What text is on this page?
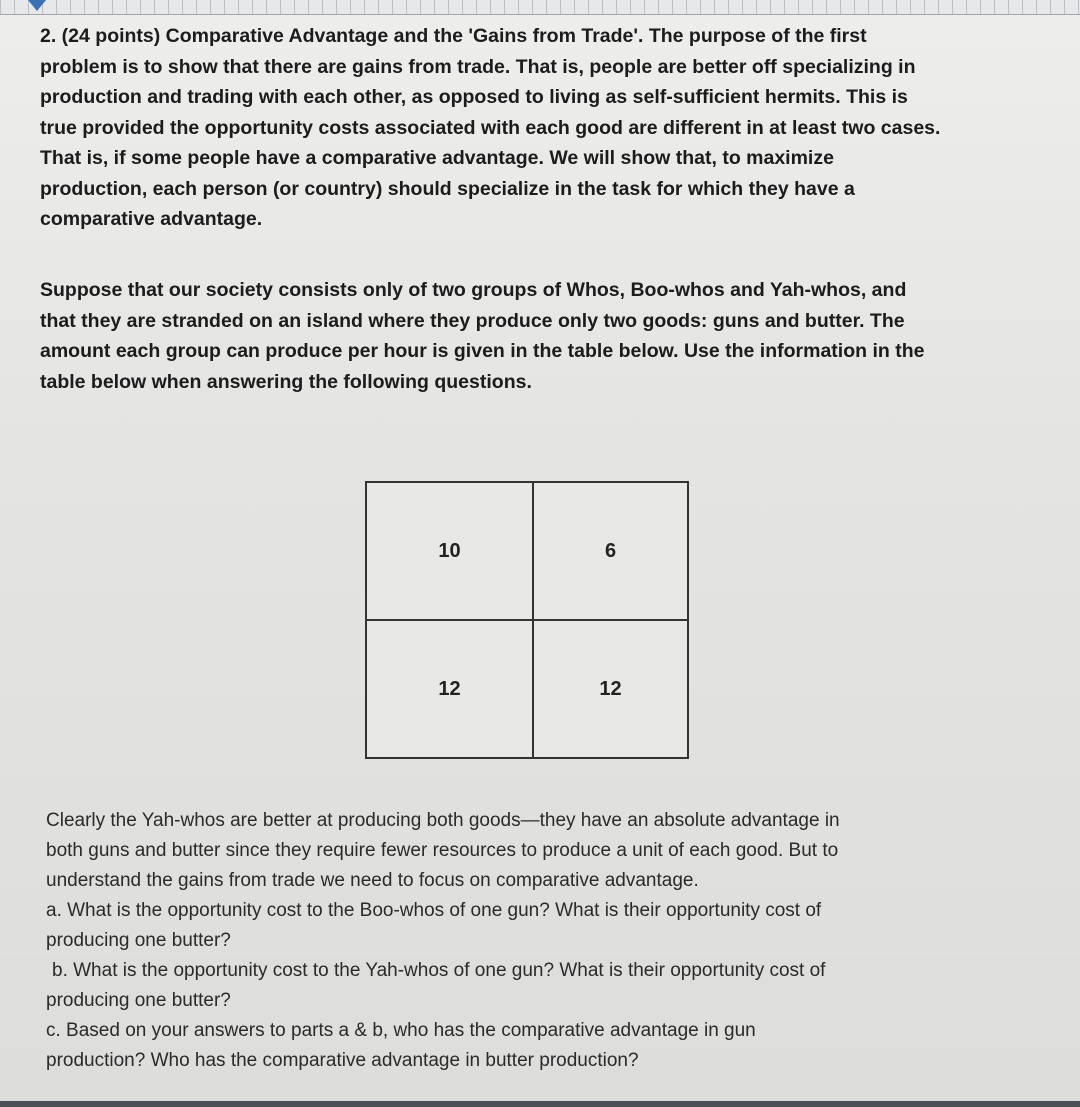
2. (24 points) Comparative Advantage and the 'Gains from Trade'. The purpose of the first
problem is to show that there are gains from trade. That is, people are better off specializing in
production and trading with each other, as opposed to living as self-sufficient hermits. This is
true provided the opportunity costs associated with each good are different in at least two cases.
That is, if some people have a comparative advantage. We will show that, to maximize
production, each person (or country) should specialize in the task for which they have a
comparative advantage.

Suppose that our society consists only of two groups of Whos, Boo-whos and Yah-whos, and
that they are stranded on an island where they produce only two goods: guns and butter. The
amount each group can produce per hour is given in the table below. Use the information in the
table below when answering the following questions.

10	6
12	12

Clearly the Yah-whos are better at producing both goods—they have an absolute advantage in
both guns and butter since they require fewer resources to produce a unit of each good. But to
understand the gains from trade we need to focus on comparative advantage.
a. What is the opportunity cost to the Boo-whos of one gun? What is their opportunity cost of
producing one butter?
b. What is the opportunity cost to the Yah-whos of one gun? What is their opportunity cost of
producing one butter?
c. Based on your answers to parts a & b, who has the comparative advantage in gun
production? Who has the comparative advantage in butter production?
